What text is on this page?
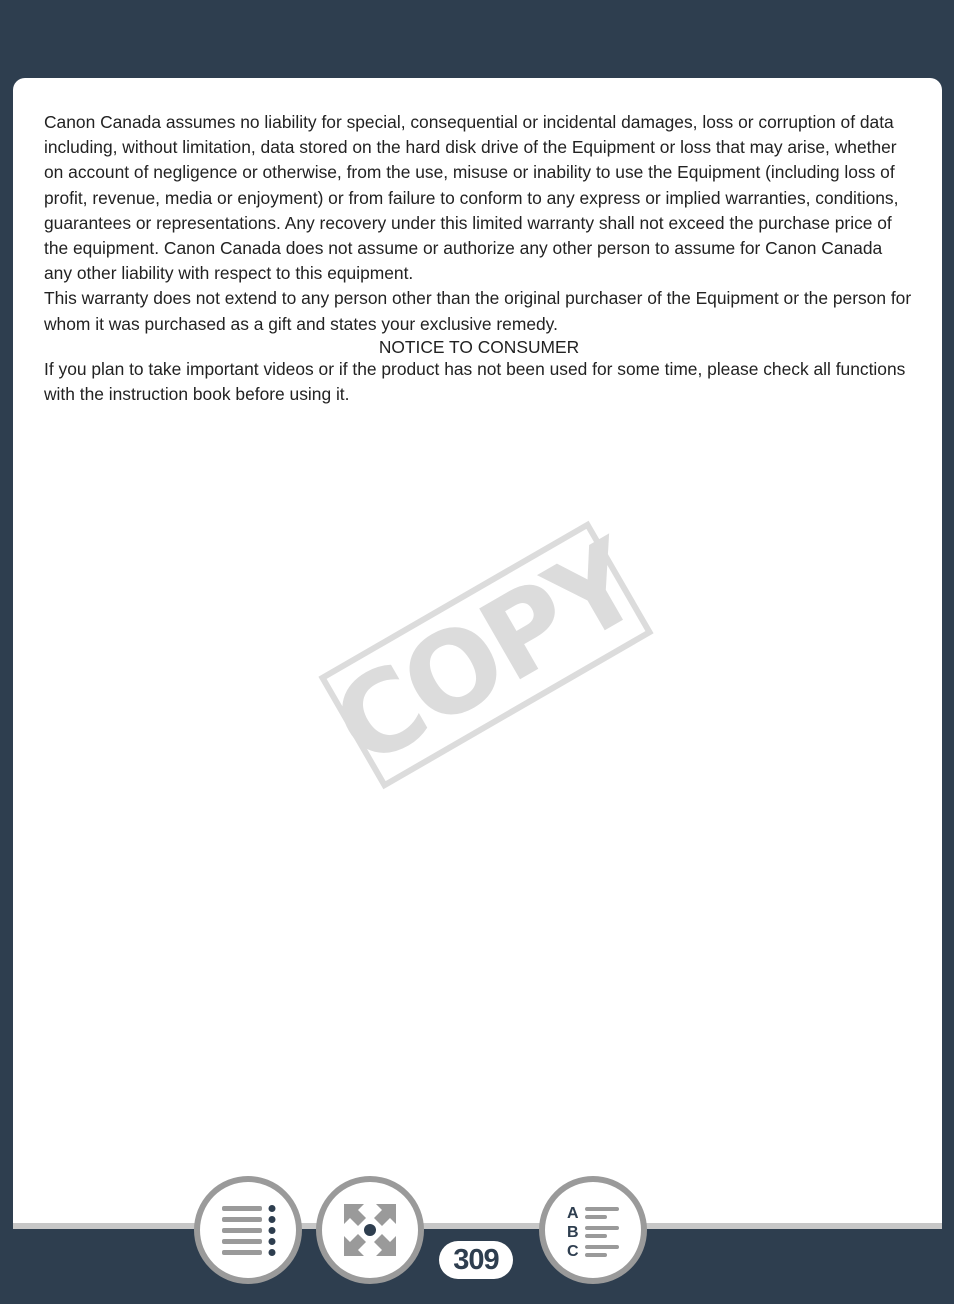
Canon Canada assumes no liability for special, consequential or incidental damages, loss or corruption of data including, without limitation, data stored on the hard disk drive of the Equipment or loss that may arise, whether on account of negligence or otherwise, from the use, misuse or inability to use the Equipment (including loss of profit, revenue, media or enjoyment) or from failure to conform to any express or implied warranties, conditions, guarantees or representations. Any recovery under this limited warranty shall not exceed the purchase price of the equipment. Canon Canada does not assume or authorize any other person to assume for Canon Canada any other liability with respect to this equipment.

This warranty does not extend to any person other than the original purchaser of the Equipment or the person for whom it was purchased as a gift and states your exclusive remedy.

NOTICE TO CONSUMER

If you plan to take important videos or if the product has not been used for some time, please check all functions with the instruction book before using it.

COPY
309
A
B
C
